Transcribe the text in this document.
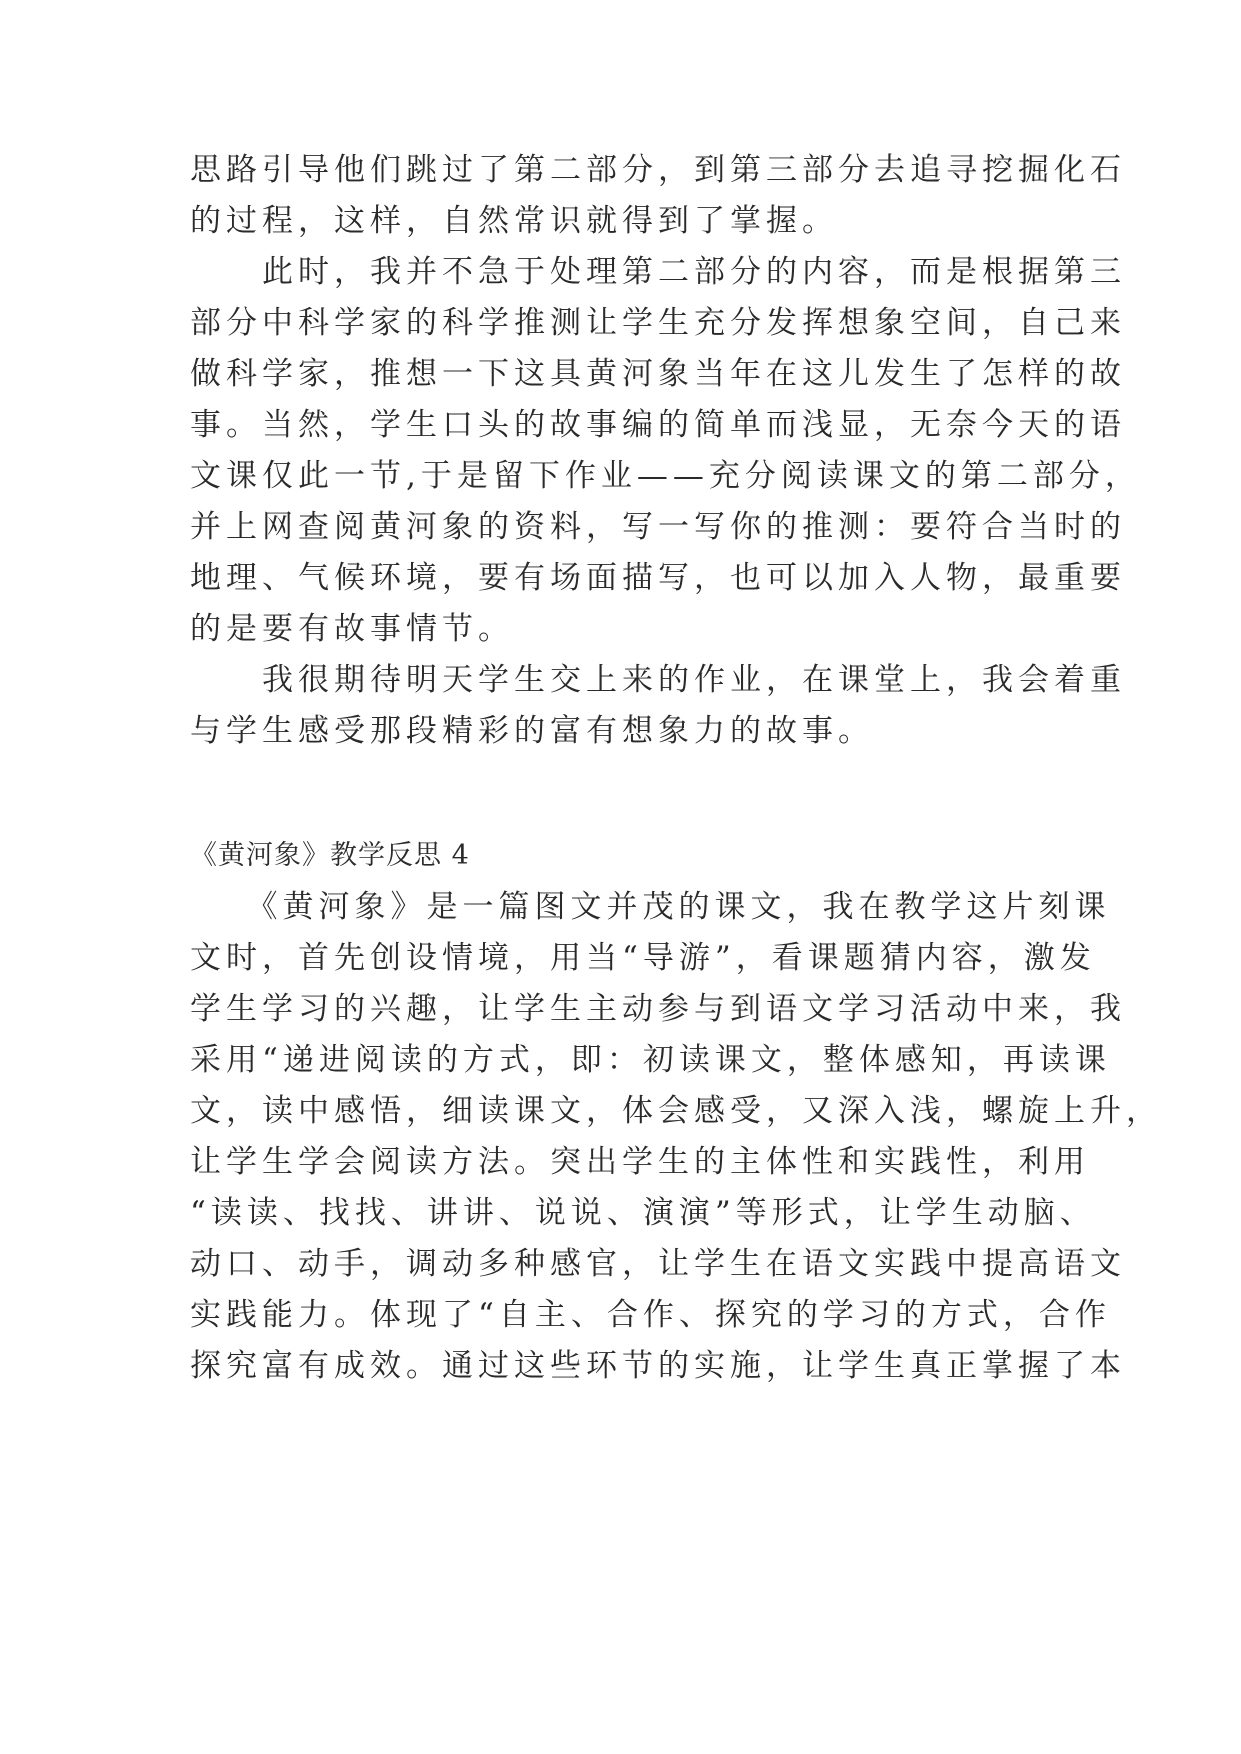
思路引导他们跳过了第二部分，到第三部分去追寻挖掘化石
的过程，这样，自然常识就得到了掌握。
　　此时，我并不急于处理第二部分的内容，而是根据第三
部分中科学家的科学推测让学生充分发挥想象空间，自己来
做科学家，推想一下这具黄河象当年在这儿发生了怎样的故
事。当然，学生口头的故事编的简单而浅显，无奈今天的语
文课仅此一节,于是留下作业——充分阅读课文的第二部分，
并上网查阅黄河象的资料，写一写你的推测：要符合当时的
地理、气候环境，要有场面描写，也可以加入人物，最重要
的是要有故事情节。
　　我很期待明天学生交上来的作业，在课堂上，我会着重
与学生感受那段精彩的富有想象力的故事。
《黄河象》教学反思 4
　　《黄河象》是一篇图文并茂的课文，我在教学这片刻课
文时，首先创设情境，用当“导游”，看课题猜内容，激发
学生学习的兴趣，让学生主动参与到语文学习活动中来，我
采用“递进阅读的方式，即：初读课文，整体感知，再读课
文，读中感悟，细读课文，体会感受，又深入浅，螺旋上升，
让学生学会阅读方法。突出学生的主体性和实践性，利用
“读读、找找、讲讲、说说、演演”等形式，让学生动脑、
动口、动手，调动多种感官，让学生在语文实践中提高语文
实践能力。体现了“自主、合作、探究的学习的方式，合作
探究富有成效。通过这些环节的实施，让学生真正掌握了本
